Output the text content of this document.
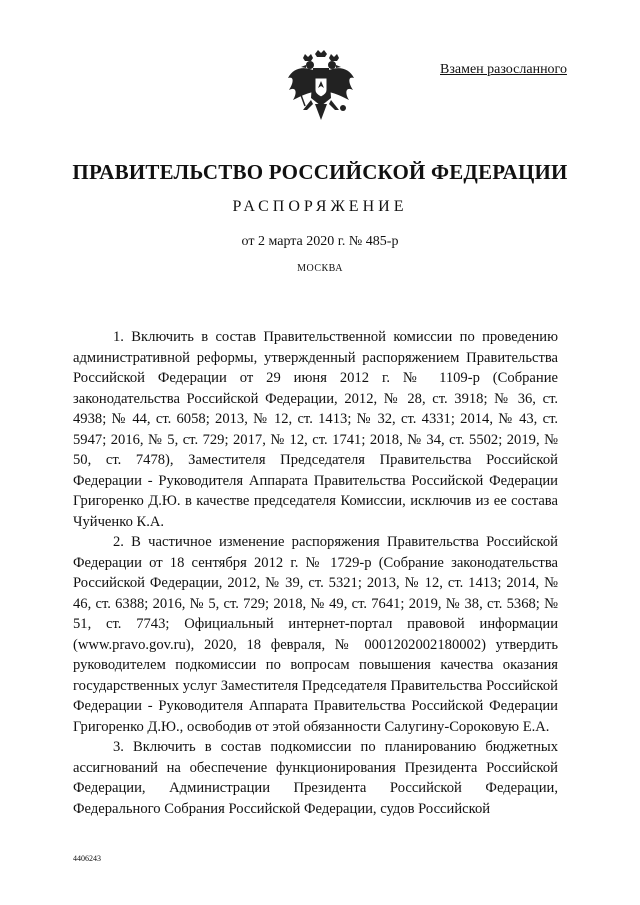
Взамен разосланного
ПРАВИТЕЛЬСТВО РОССИЙСКОЙ ФЕДЕРАЦИИ
РАСПОРЯЖЕНИЕ
от 2 марта 2020 г. № 485-р
МОСКВА

1. Включить в состав Правительственной комиссии по проведению административной реформы, утвержденный распоряжением Правительства Российской Федерации от 29 июня 2012 г. № 1109-р (Собрание законодательства Российской Федерации, 2012, № 28, ст. 3918; № 36, ст. 4938; № 44, ст. 6058; 2013, № 12, ст. 1413; № 32, ст. 4331; 2014, № 43, ст. 5947; 2016, № 5, ст. 729; 2017, № 12, ст. 1741; 2018, № 34, ст. 5502; 2019, № 50, ст. 7478), Заместителя Председателя Правительства Российской Федерации - Руководителя Аппарата Правительства Российской Федерации Григоренко Д.Ю. в качестве председателя Комиссии, исключив из ее состава Чуйченко К.А.

2. В частичное изменение распоряжения Правительства Российской Федерации от 18 сентября 2012 г. № 1729-р (Собрание законодательства Российской Федерации, 2012, № 39, ст. 5321; 2013, № 12, ст. 1413; 2014, № 46, ст. 6388; 2016, № 5, ст. 729; 2018, № 49, ст. 7641; 2019, № 38, ст. 5368; № 51, ст. 7743; Официальный интернет-портал правовой информации (www.pravo.gov.ru), 2020, 18 февраля, № 0001202002180002) утвердить руководителем подкомиссии по вопросам повышения качества оказания государственных услуг Заместителя Председателя Правительства Российской Федерации - Руководителя Аппарата Правительства Российской Федерации Григоренко Д.Ю., освободив от этой обязанности Салугину-Сороковую Е.А.

3. Включить в состав подкомиссии по планированию бюджетных ассигнований на обеспечение функционирования Президента Российской Федерации, Администрации Президента Российской Федерации, Федерального Собрания Российской Федерации, судов Российской

4406243
